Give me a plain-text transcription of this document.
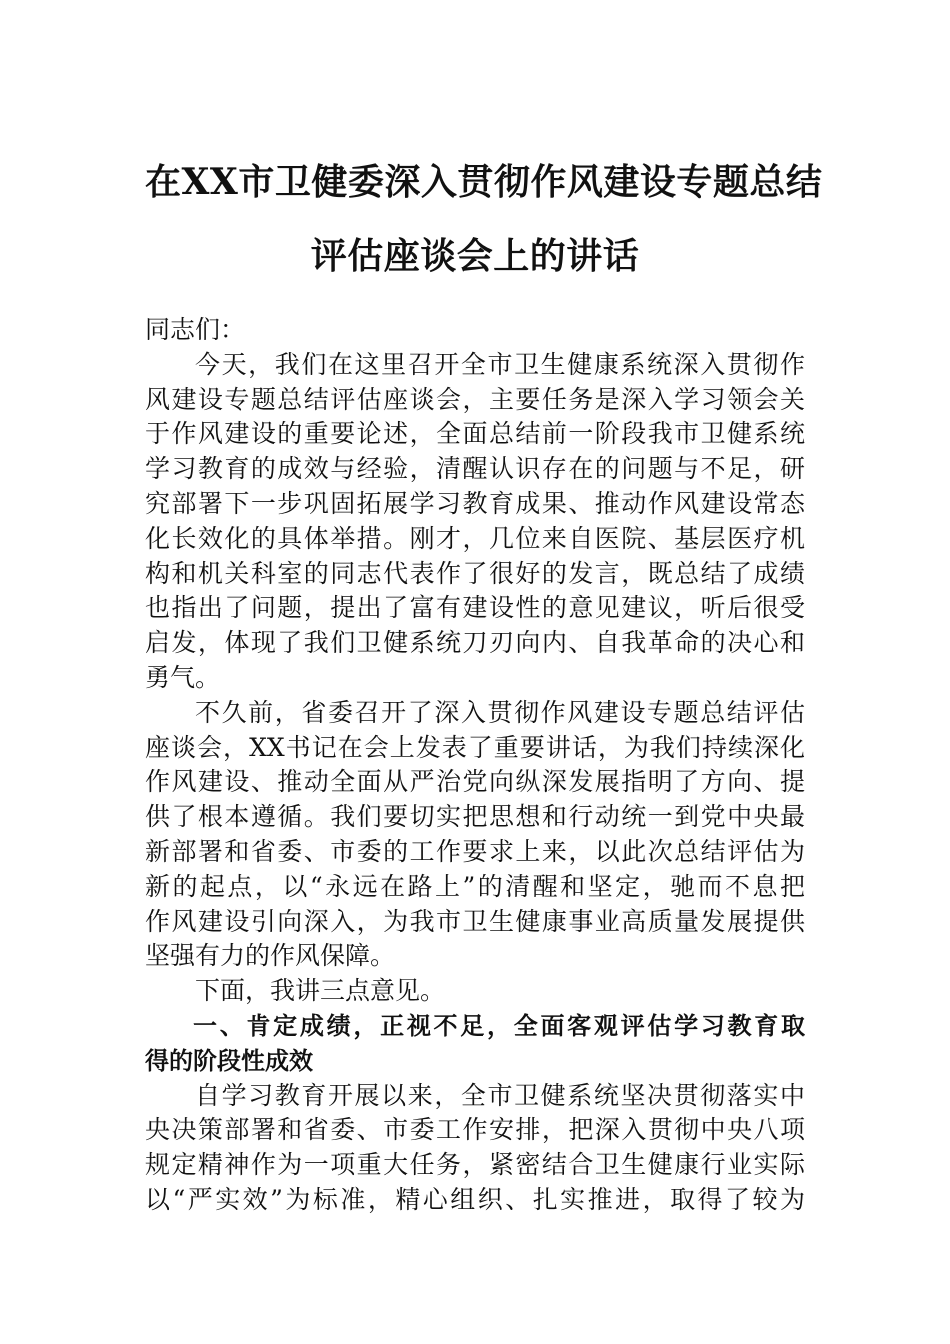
在XX市卫健委深入贯彻作风建设专题总结
评估座谈会上的讲话

同志们：

今天，我们在这里召开全市卫生健康系统深入贯彻作
风建设专题总结评估座谈会，主要任务是深入学习领会关
于作风建设的重要论述，全面总结前一阶段我市卫健系统
学习教育的成效与经验，清醒认识存在的问题与不足，研
究部署下一步巩固拓展学习教育成果、推动作风建设常态
化长效化的具体举措。刚才，几位来自医院、基层医疗机
构和机关科室的同志代表作了很好的发言，既总结了成绩
也指出了问题，提出了富有建设性的意见建议，听后很受
启发，体现了我们卫健系统刀刃向内、自我革命的决心和
勇气。

不久前，省委召开了深入贯彻作风建设专题总结评估
座谈会，XX书记在会上发表了重要讲话，为我们持续深化
作风建设、推动全面从严治党向纵深发展指明了方向、提
供了根本遵循。我们要切实把思想和行动统一到党中央最
新部署和省委、市委的工作要求上来，以此次总结评估为
新的起点，以“永远在路上”的清醒和坚定，驰而不息把
作风建设引向深入，为我市卫生健康事业高质量发展提供
坚强有力的作风保障。

下面，我讲三点意见。

一、肯定成绩，正视不足，全面客观评估学习教育取
得的阶段性成效

自学习教育开展以来，全市卫健系统坚决贯彻落实中
央决策部署和省委、市委工作安排，把深入贯彻中央八项
规定精神作为一项重大任务，紧密结合卫生健康行业实际
以“严实效”为标准，精心组织、扎实推进，取得了较为
